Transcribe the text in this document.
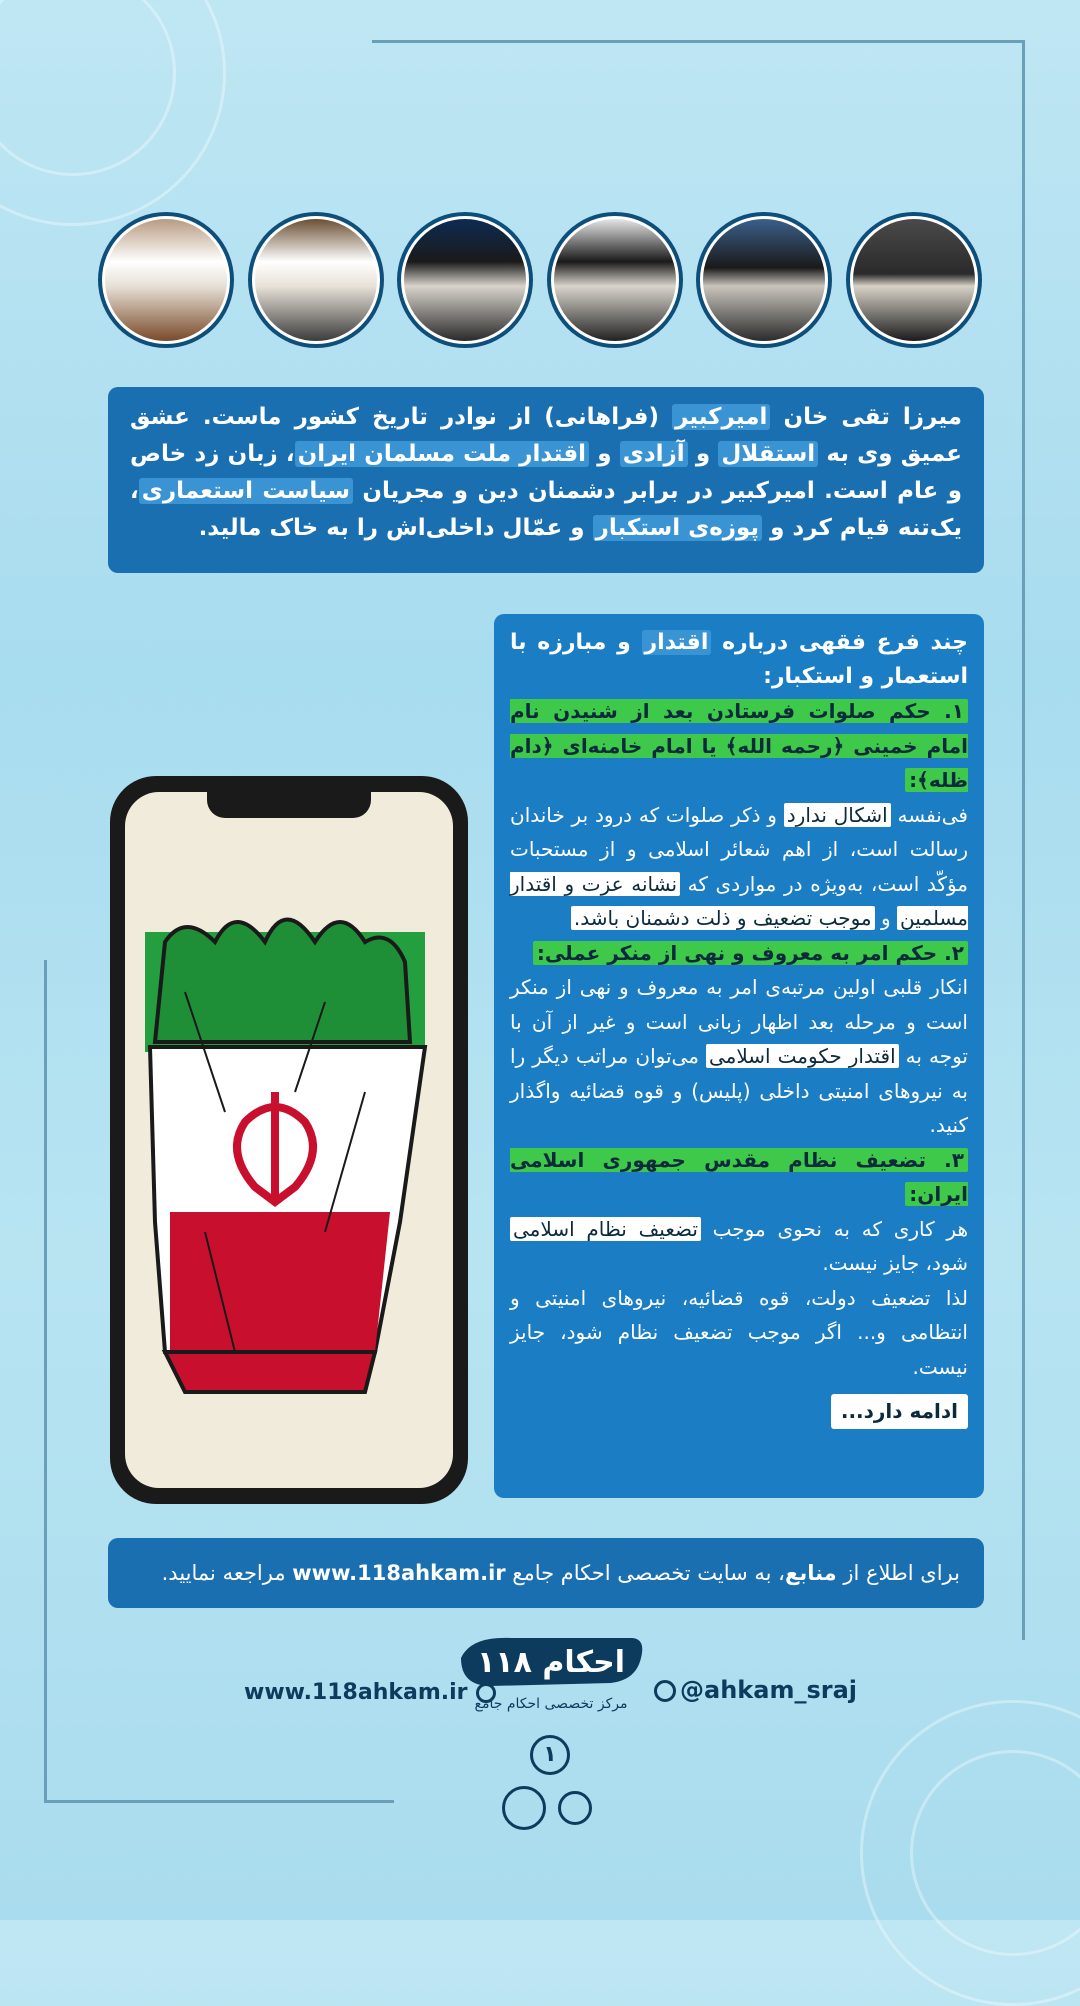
میرزا تقی خان امیرکبیر (فراهانی) از نوادر تاریخ کشور ماست. عشق عمیق وی به استقلال و آزادی و اقتدار ملت مسلمان ایران، زبان زد خاص و عام است. امیرکبیر در برابر دشمنان دین و مجریان سیاست استعماری، یک‌تنه قیام کرد و پوزه‌ی استکبار و عمّال داخلی‌اش را به خاک مالید.

چند فرع فقهی درباره اقتدار و مبارزه با استعمار و استکبار:

۱. حکم صلوات فرستادن بعد از شنیدن نام امام خمینی ﴿رحمه الله﴾ یا امام خامنه‌ای ﴿دام ظله﴾:

فی‌نفسه اشکال ندارد و ذکر صلوات که درود بر خاندان رسالت است، از اهم شعائر اسلامی و از مستحبات مؤکّد است، به‌ویژه در مواردی که نشانه عزت و اقتدار مسلمین و موجب تضعیف و ذلت دشمنان باشد.

۲. حکم امر به معروف و نهی از منکر عملی:

انکار قلبی اولین مرتبه‌ی امر به معروف و نهی از منکر است و مرحله بعد اظهار زبانی است و غیر از آن با توجه به اقتدار حکومت اسلامی می‌توان مراتب دیگر را به نیروهای امنیتی داخلی (پلیس) و قوه قضائیه واگذار کنید.

۳. تضعیف نظام مقدس جمهوری اسلامی ایران:

هر کاری که به نحوی موجب تضعیف نظام اسلامی شود، جایز نیست.

لذا تضعیف دولت، قوه قضائیه، نیروهای امنیتی و انتظامی و... اگر موجب تضعیف نظام شود، جایز نیست.

ادامه دارد...
برای اطلاع از منابع، به سایت تخصصی احکام جامع www.118ahkam.ir مراجعه نمایید.
۱۱۸ احکام
مرکز تخصصی احکام جامع	@ahkam_sraj
www.118ahkam.ir
۱
